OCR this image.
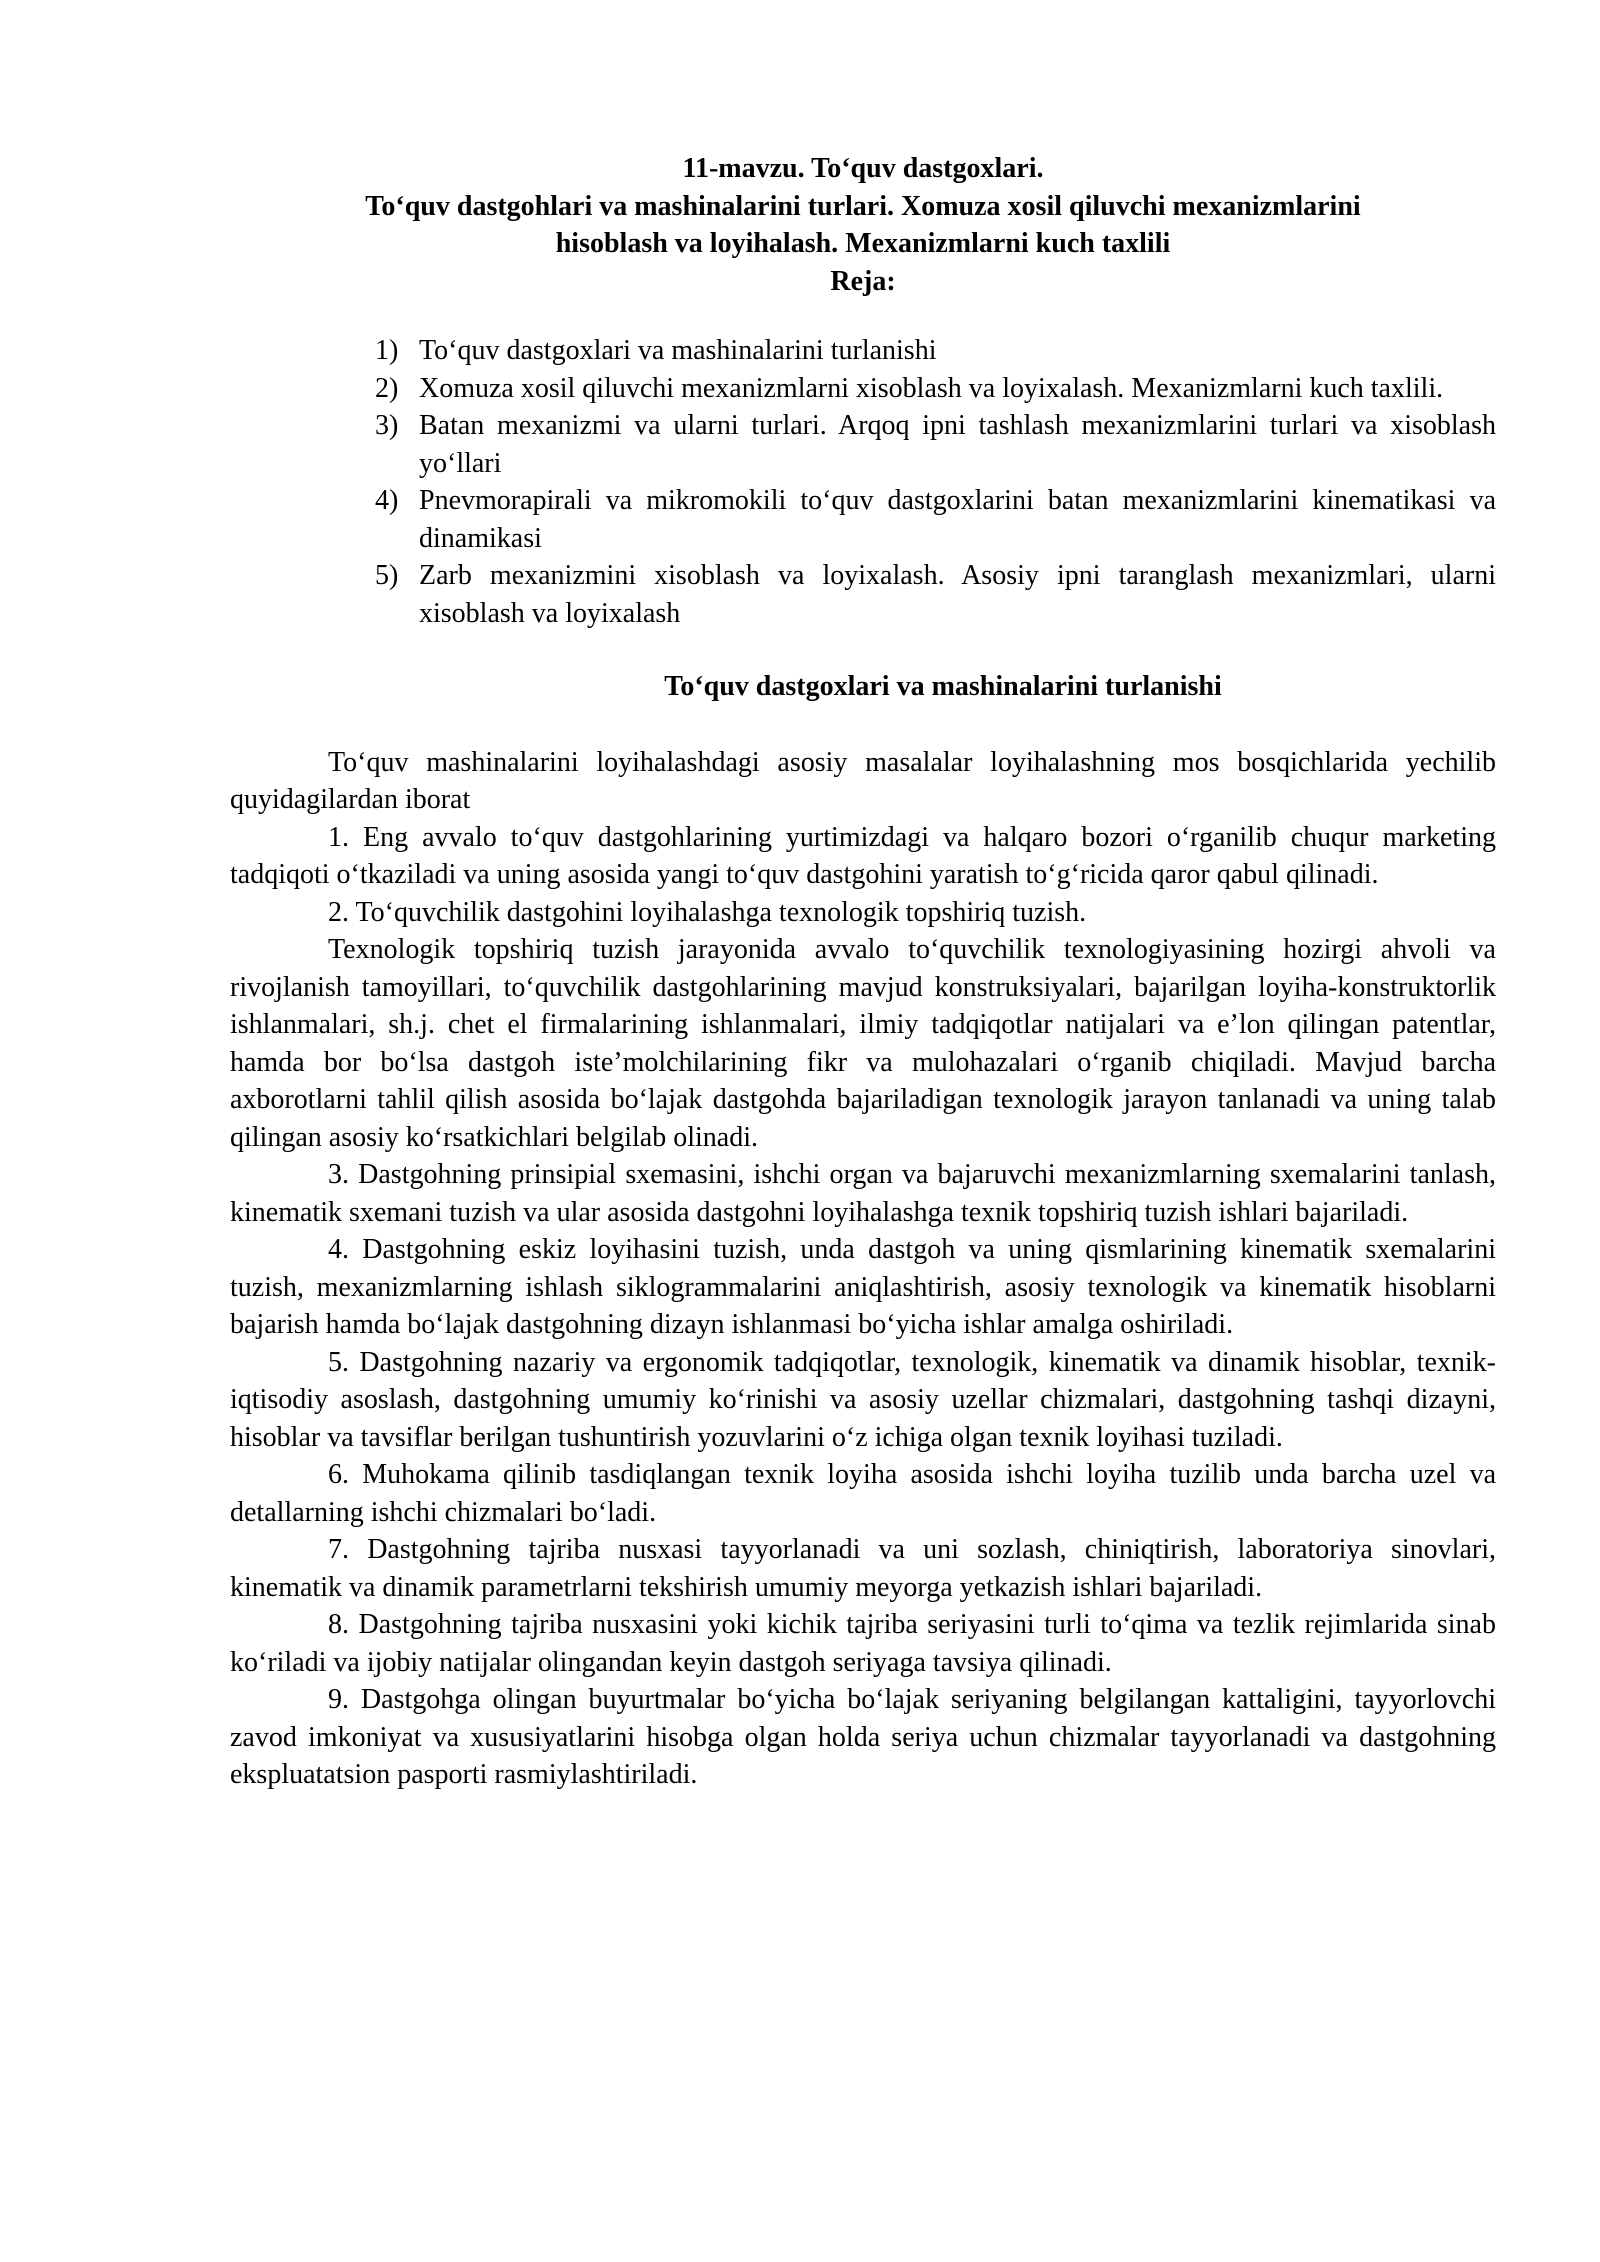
11-mavzu. To‘quv dastgoxlari.
To‘quv dastgohlari va mashinalarini turlari. Xomuza xosil qiluvchi mexanizmlarini
hisoblash va loyihalash. Mexanizmlarni kuch taxlili
Reja:
1) To‘quv dastgoxlari va mashinalarini turlanishi
2) Xomuza xosil qiluvchi mexanizmlarni xisoblash va loyixalash. Mexanizmlarni kuch taxlili.
3) Batan mexanizmi va ularni turlari. Arqoq ipni tashlash mexanizmlarini turlari va xisoblash yo‘llari
4) Pnevmorapirali va mikromokili to‘quv dastgoxlarini batan mexanizmlarini kinematikasi va dinamikasi
5) Zarb mexanizmini xisoblash va loyixalash. Asosiy ipni taranglash mexanizmlari, ularni xisoblash va loyixalash
To‘quv dastgoxlari va mashinalarini turlanishi

To‘quv mashinalarini loyihalashdagi asosiy masalalar loyihalashning mos bosqichlarida yechilib quyidagilardan iborat

1. Eng avvalo to‘quv dastgohlarining yurtimizdagi va halqaro bozori o‘rganilib chuqur marketing tadqiqoti o‘tkaziladi va uning asosida yangi to‘quv dastgohini yaratish to‘g‘ricida qaror qabul qilinadi.

2. To‘quvchilik dastgohini loyihalashga texnologik topshiriq tuzish.

Texnologik topshiriq tuzish jarayonida avvalo to‘quvchilik texnologiyasining hozirgi ahvoli va rivojlanish tamoyillari, to‘quvchilik dastgohlarining mavjud konstruksiyalari, bajarilgan loyiha-konstruktorlik ishlanmalari, sh.j. chet el firmalarining ishlanmalari, ilmiy tadqiqotlar natijalari va e’lon qilingan patentlar, hamda bor bo‘lsa dastgoh iste’molchilarining fikr va mulohazalari o‘rganib chiqiladi. Mavjud barcha axborotlarni tahlil qilish asosida bo‘lajak dastgohda bajariladigan texnologik jarayon tanlanadi va uning talab qilingan asosiy ko‘rsatkichlari belgilab olinadi.

3. Dastgohning prinsipial sxemasini, ishchi organ va bajaruvchi mexanizmlarning sxemalarini tanlash, kinematik sxemani tuzish va ular asosida dastgohni loyihalashga texnik topshiriq tuzish ishlari bajariladi.

4. Dastgohning eskiz loyihasini tuzish, unda dastgoh va uning qismlarining kinematik sxemalarini tuzish, mexanizmlarning ishlash siklogrammalarini aniqlashtirish, asosiy texnologik va kinematik hisoblarni bajarish hamda bo‘lajak dastgohning dizayn ishlanmasi bo‘yicha ishlar amalga oshiriladi.

5. Dastgohning nazariy va ergonomik tadqiqotlar, texnologik, kinematik va dinamik hisoblar, texnik-iqtisodiy asoslash, dastgohning umumiy ko‘rinishi va asosiy uzellar chizmalari, dastgohning tashqi dizayni, hisoblar va tavsiflar berilgan tushuntirish yozuvlarini o‘z ichiga olgan texnik loyihasi tuziladi.

6. Muhokama qilinib tasdiqlangan texnik loyiha asosida ishchi loyiha tuzilib unda barcha uzel va detallarning ishchi chizmalari bo‘ladi.

7. Dastgohning tajriba nusxasi tayyorlanadi va uni sozlash, chiniqtirish, laboratoriya sinovlari, kinematik va dinamik parametrlarni tekshirish umumiy meyorga yetkazish ishlari bajariladi.

8. Dastgohning tajriba nusxasini yoki kichik tajriba seriyasini turli to‘qima va tezlik rejimlarida sinab ko‘riladi va ijobiy natijalar olingandan keyin dastgoh seriyaga tavsiya qilinadi.

9. Dastgohga olingan buyurtmalar bo‘yicha bo‘lajak seriyaning belgilangan kattaligini, tayyorlovchi zavod imkoniyat va xususiyatlarini hisobga olgan holda seriya uchun chizmalar tayyorlanadi va dastgohning ekspluatatsion pasporti rasmiylashtiriladi.
